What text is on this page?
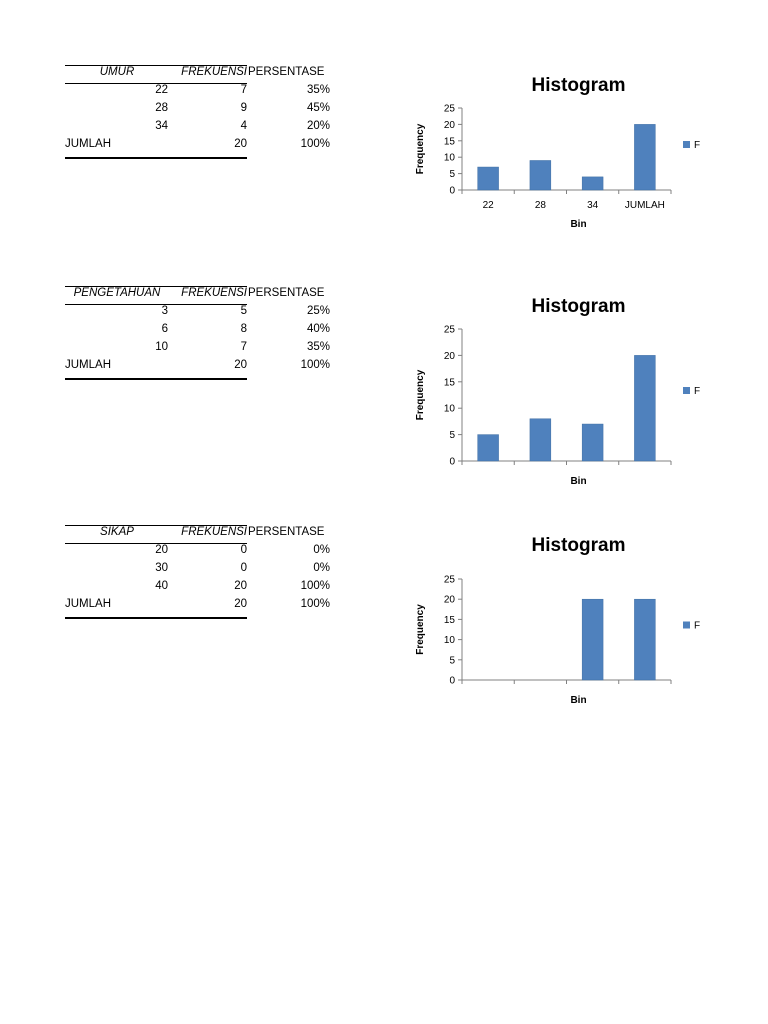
UMUR	FREKUENSI PERSENTASE
22	7	35%
28	9	45%
34	4	20%
JUMLAH	20	100%
Histogram
0
5
10
15
20
25
22	28	34	JUMLAH
Bin
Frequency	F
PENGETAHUAN	FREKUENSI PERSENTASE
3	5	25%
6	8	40%
10	7	35%
JUMLAH	20	100%
Histogram
0
5
10
15
20
25
Bin
Frequency	F
SIKAP	FREKUENSI PERSENTASE
20	0	0%
30	0	0%
40	20	100%
JUMLAH	20	100%
Histogram
0
5
10
15
20
25
Bin
Frequency	F
